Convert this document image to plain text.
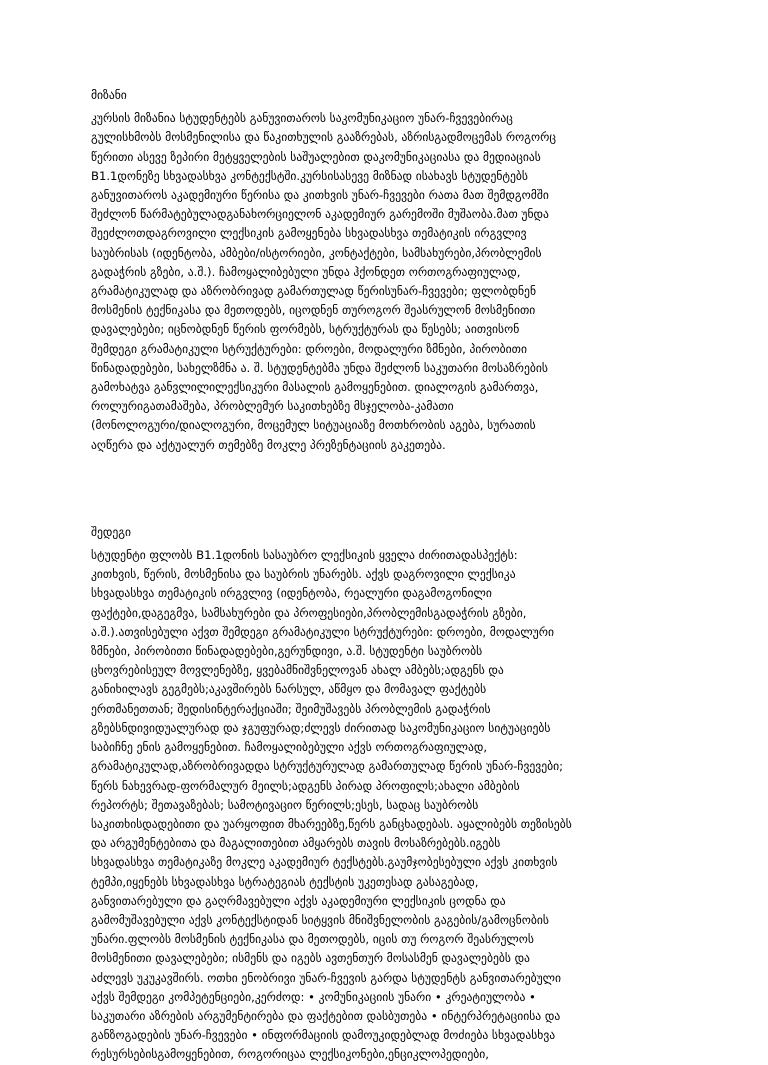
მიზანი

კურსის მიზანია სტუდენტებს განუვითაროს საკომუნიკაციო უნარ-ჩვევებირაც
გულისხმობს მოსმენილისა და წაკითხულის გააზრებას, აზრისგადმოცემას როგორც
წერითი ასევე ზეპირი მეტყველების საშუალებით დაკომუნიკაციასა და მედიაციას
B1.1დონეზე სხვადასხვა კონტექსტში.კურსისასევე მიზნად ისახავს სტუდენტებს
განუვითაროს აკადემიური წერისა და კითხვის უნარ-ჩვევები რათა მათ შემდგომში
შეძლონ წარმატებულადგანახორციელონ აკადემიურ გარემოში მუშაობა.მათ უნდა
შეეძლოთდაგროვილი ლექსიკის გამოყენება სხვადასხვა თემატიკის ირგვლივ
საუბრისას (იდენტობა, ამბები/ისტორიები, კონტაქტები, სამსახურები,პრობლემის
გადაჭრის გზები, ა.შ.). ჩამოყალიბებული უნდა ჰქონდეთ ორთოგრაფიულად,
გრამატიკულად და აზრობრივად გამართულად წერისუნარ-ჩვევები; ფლობდნენ
მოსმენის ტექნიკასა და მეთოდებს, იცოდნენ თუროგორ შეასრულონ მოსმენითი
დავალებები; იცნობდნენ წერის ფორმებს, სტრუქტურას და წესებს; აითვისონ
შემდეგი გრამატიკული სტრუქტურები: დროები, მოდალური ზმნები, პირობითი
წინადადებები, სახელზმნა ა. შ. სტუდენტებმა უნდა შეძლონ საკუთარი მოსაზრების
გამოხატვა განვლილილექსიკური მასალის გამოყენებით. დიალოგის გამართვა,
როლურიგათამაშება, პრობლემურ საკითხებზე მსჯელობა-კამათი
(მონოლოგური/დიალოგური, მოცემულ სიტუაციაზე მოთხრობის აგება, სურათის
აღწერა და აქტუალურ თემებზე მოკლე პრეზენტაციის გაკეთება.

შედეგი

სტუდენტი ფლობს B1.1დონის სასაუბრო ლექსიკის ყველა ძირითადასპექტს:
კითხვის, წერის, მოსმენისა და საუბრის უნარებს. აქვს დაგროვილი ლექსიკა
სხვადასხვა თემატიკის ირგვლივ (იდენტობა, რეალური დაგამოგონილი
ფაქტები,დაგეგმვა, სამსახურები და პროფესიები,პრობლემისგადაჭრის გზები,
ა.შ.).ათვისებული აქვთ შემდეგი გრამატიკული სტრუქტურები: დროები, მოდალური
ზმნები, პირობითი წინადადებები,გერუნდივი, ა.შ. სტუდენტი საუბრობს
ცხოვრებისეულ მოვლენებზე, ყვებამნიშვნელოვან ახალ ამბებს;ადგენს და
განიხილავს გეგმებს;აკავშირებს ნარსულ, აწმყო და მომავალ ფაქტებს
ერთმანეთთან; შედისინტერაქციაში; შეიმუშავებს პრობლემის გადაჭრის
გზებსნდივიდუალურად და ჯგუფურად;ძლევს ძირითად საკომუნიკაციო სიტუაციებს
საბიჩნე ენის გამოყენებით. ჩამოყალიბებული აქვს ორთოგრაფიულად,
გრამატიკულად,აზრობრივადდა სტრუქტურულად გამართულად წერის უნარ-ჩვევები;
წერს ნახევრად-ფორმალურ მეილს;ადგენს პირად პროფილს;ახალი ამბების
რეპორტს; შეთავაზებას; სამოტივაციო წერილს;ესეს, სადაც საუბრობს
საკითხისდადებითი და უარყოფით მხარეებზე,წერს განცხადებას. აყალიბებს თეზისებს
და არგუმენტებითა და მაგალითებით ამყარებს თავის მოსაზრებებს.იგებს
სხვადასხვა თემატიკაზე მოკლე აკადემიურ ტექსტებს.გაუმჯობესებული აქვს კითხვის
ტემპი,იყენებს სხვადასხვა სტრატეგიას ტექსტის უკეთესად გასაგებად,
განვითარებული და გაღრმავებული აქვს აკადემიური ლექსიკის ცოდნა და
გამომუშავებული აქვს კონტექსტიდან სიტყვის მნიშვნელობის გაგების/გამოცნობის
უნარი.ფლობს მოსმენის ტექნიკასა და მეთოდებს, იცის თუ როგორ შეასრულოს
მოსმენითი დავალებები; ისმენს და იგებს ავთენთურ მოსასმენ დავალებებს და
აძლევს უკუკავშირს. ოთხი ენობრივი უნარ-ჩვევის გარდა სტუდენტს განვითარებული
აქვს შემდეგი კომპეტენციები,კერძოდ: • კომუნიკაციის უნარი • კრეატიულობა •
საკუთარი აზრების არგუმენტირება და ფაქტებით დასბუთება • ინტერპრეტაციისა და
განზოგადების უნარ-ჩვევები • ინფორმაციის დამოუკიდებლად მოძიება სხვადასხვა
რესურსებისგამოყენებით, როგორიცაა ლექსიკონები,ენციკლოპედიები,
